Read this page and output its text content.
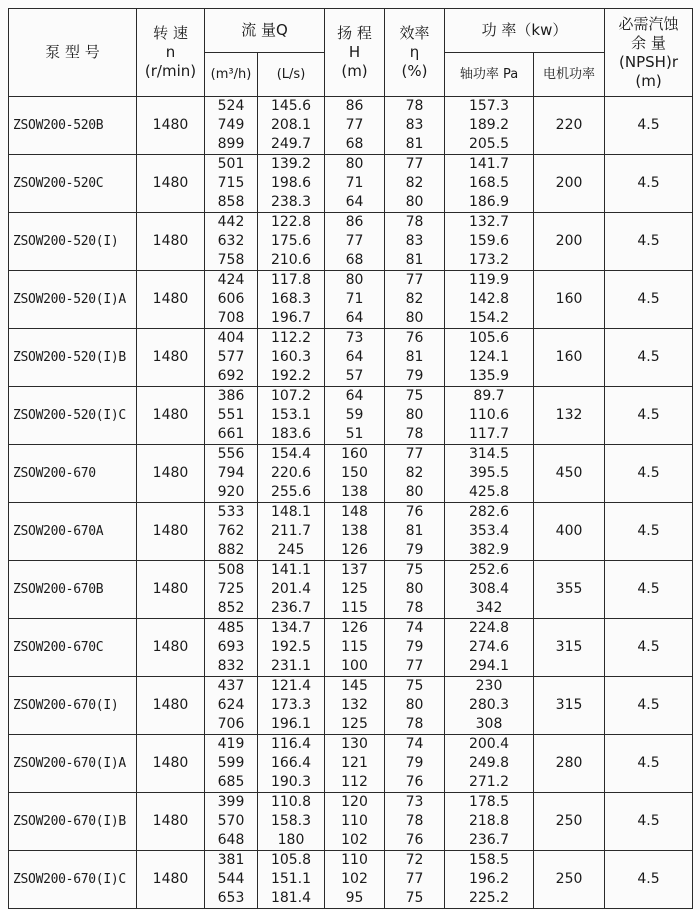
泵 型 号	转 速
n
(r/min)	流 量Q		扬 程
H
(m)	效率
η
(%)	功 率（kw）		必需汽蚀
余 量
(NPSH)r
(m)

		(m³/h)	(L/s)			轴功率 Pa	电机功率	
ZSOW200-520B	1480	524
749
899	145.6
208.1
249.7	86
77
68	78
83
81	157.3
189.2
205.5	220	4.5
ZSOW200-520C	1480	501
715
858	139.2
198.6
238.3	80
71
64	77
82
80	141.7
168.5
186.9	200	4.5
ZSOW200-520(I)	1480	442
632
758	122.8
175.6
210.6	86
77
68	78
83
81	132.7
159.6
173.2	200	4.5
ZSOW200-520(I)A	1480	424
606
708	117.8
168.3
196.7	80
71
64	77
82
80	119.9
142.8
154.2	160	4.5
ZSOW200-520(I)B	1480	404
577
692	112.2
160.3
192.2	73
64
57	76
81
79	105.6
124.1
135.9	160	4.5
ZSOW200-520(I)C	1480	386
551
661	107.2
153.1
183.6	64
59
51	75
80
78	89.7
110.6
117.7	132	4.5
ZSOW200-670	1480	556
794
920	154.4
220.6
255.6	160
150
138	77
82
80	314.5
395.5
425.8	450	4.5
ZSOW200-670A	1480	533
762
882	148.1
211.7
245	148
138
126	76
81
79	282.6
353.4
382.9	400	4.5
ZSOW200-670B	1480	508
725
852	141.1
201.4
236.7	137
125
115	75
80
78	252.6
308.4
342	355	4.5
ZSOW200-670C	1480	485
693
832	134.7
192.5
231.1	126
115
100	74
79
77	224.8
274.6
294.1	315	4.5
ZSOW200-670(I)	1480	437
624
706	121.4
173.3
196.1	145
132
125	75
80
78	230
280.3
308	315	4.5
ZSOW200-670(I)A	1480	419
599
685	116.4
166.4
190.3	130
121
112	74
79
76	200.4
249.8
271.2	280	4.5
ZSOW200-670(I)B	1480	399
570
648	110.8
158.3
180	120
110
102	73
78
76	178.5
218.8
236.7	250	4.5
ZSOW200-670(I)C	1480	381
544
653	105.8
151.1
181.4	110
102
95	72
77
75	158.5
196.2
225.2	250	4.5
